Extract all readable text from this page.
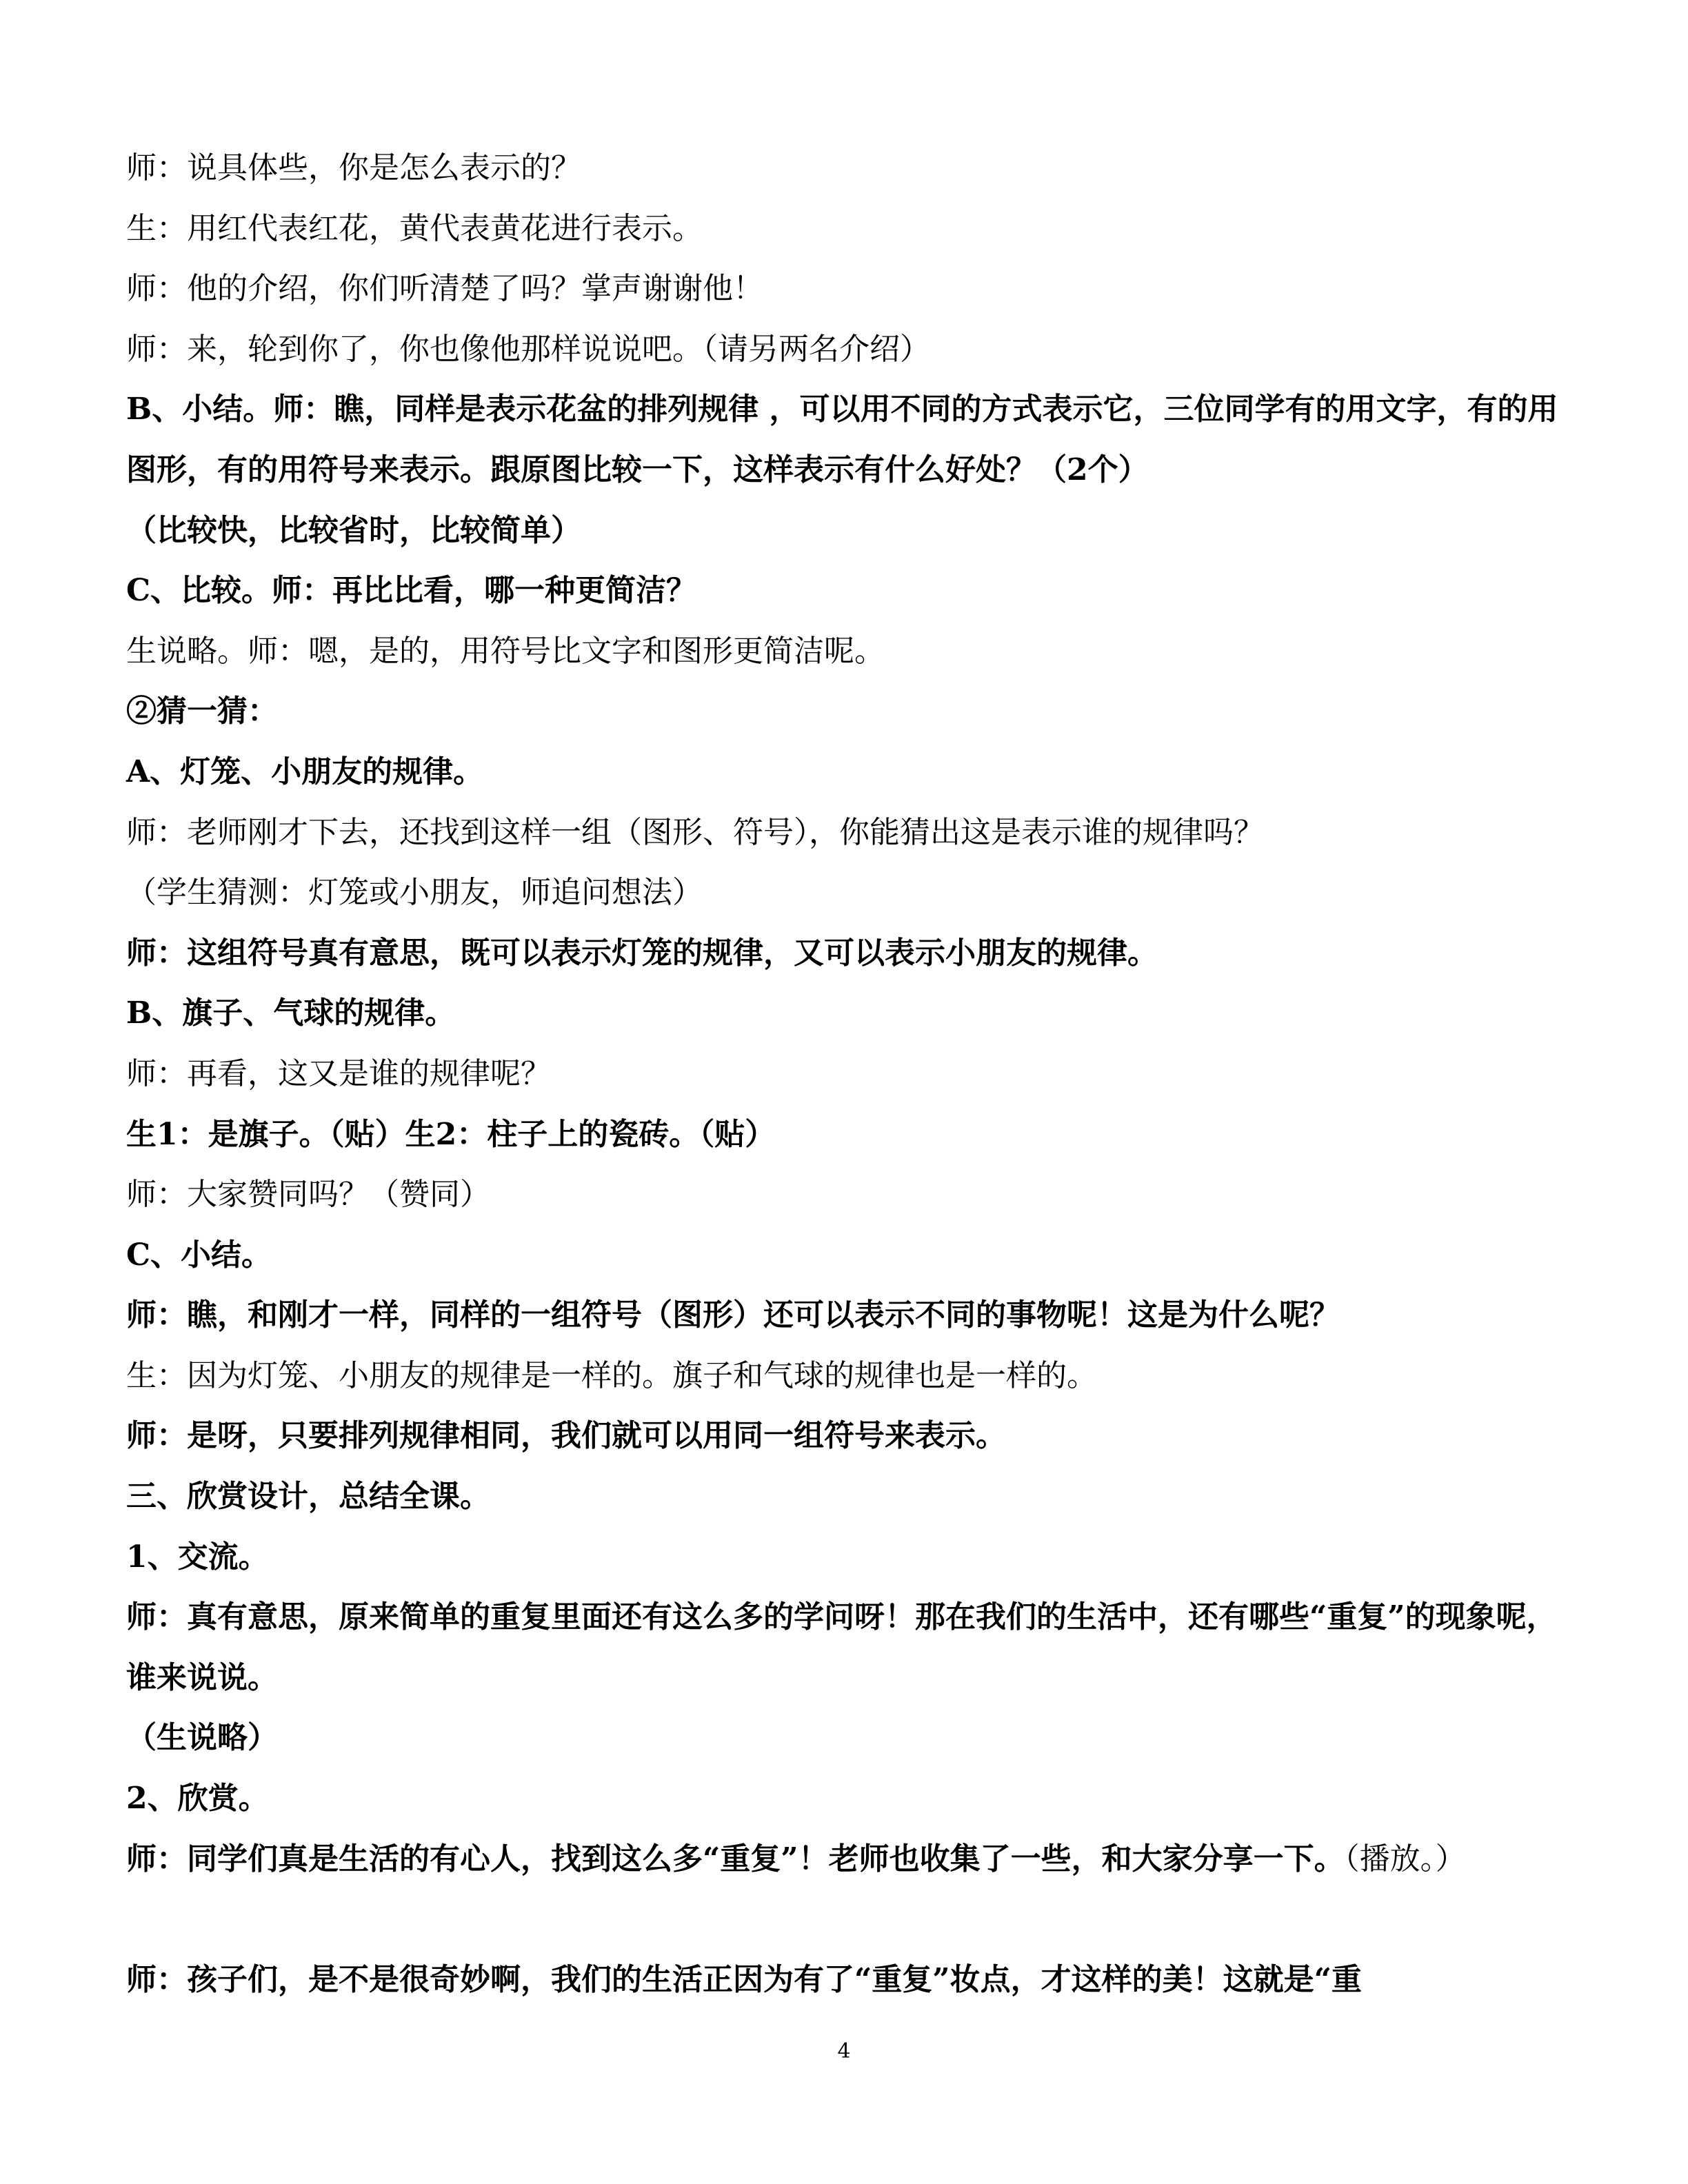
师：说具体些，你是怎么表示的？
生：用红代表红花，黄代表黄花进行表示。
师：他的介绍，你们听清楚了吗？掌声谢谢他！
师：来，轮到你了，你也像他那样说说吧。（请另两名介绍）
B、小结。师：瞧，同样是表示花盆的排列规律 ，可以用不同的方式表示它，三位同学有的用文字，有的用图形，有的用符号来表示。跟原图比较一下，这样表示有什么好处？（2个）
（比较快，比较省时，比较简单）
C、比较。师：再比比看，哪一种更简洁？
生说略。师：嗯，是的，用符号比文字和图形更简洁呢。
②猜一猜：
A、灯笼、小朋友的规律。
师：老师刚才下去，还找到这样一组（图形、符号），你能猜出这是表示谁的规律吗？
（学生猜测：灯笼或小朋友，师追问想法）
师：这组符号真有意思，既可以表示灯笼的规律，又可以表示小朋友的规律。
B、旗子、气球的规律。
师：再看，这又是谁的规律呢？
生1：是旗子。（贴）生2：柱子上的瓷砖。（贴）
师：大家赞同吗？（赞同）
C、小结。
师：瞧，和刚才一样，同样的一组符号（图形）还可以表示不同的事物呢！这是为什么呢？
生：因为灯笼、小朋友的规律是一样的。旗子和气球的规律也是一样的。
师：是呀，只要排列规律相同，我们就可以用同一组符号来表示。
三、欣赏设计，总结全课。
1、交流。
师：真有意思，原来简单的重复里面还有这么多的学问呀！那在我们的生活中，还有哪些“重复”的现象呢，谁来说说。
（生说略）
2、欣赏。
师：同学们真是生活的有心人，找到这么多“重复”！老师也收集了一些，和大家分享一下。（播放。）
师：孩子们，是不是很奇妙啊，我们的生活正因为有了“重复”妆点，才这样的美！这就是“重
4
